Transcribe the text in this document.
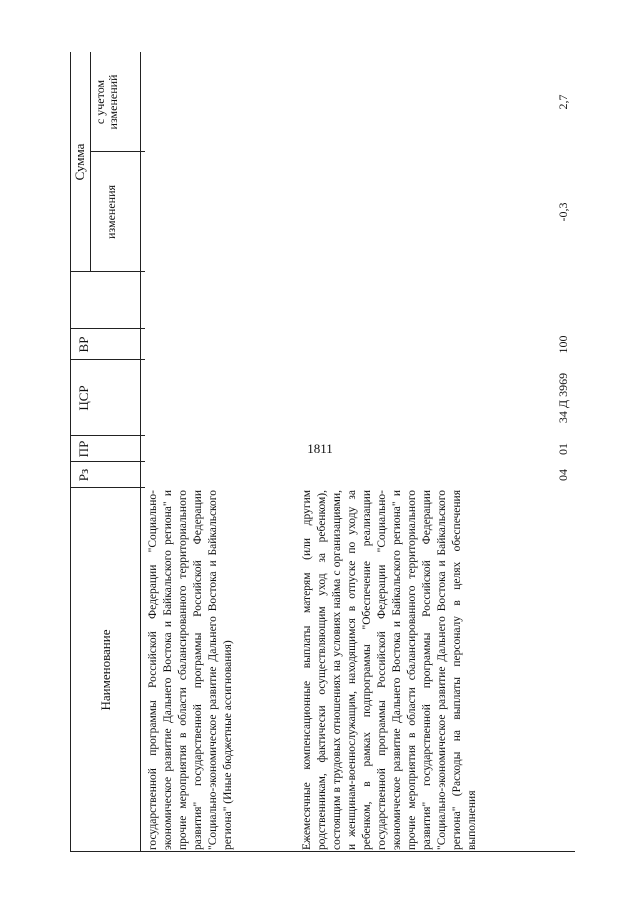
1811
Наименование
Рз
ПР
ЦСР
ВР
Сумма
изменения
с учетом изменений

государственной программы Российской Федерации "Социально-экономическое развитие Дальнего Востока и Байкальского региона" и прочие мероприятия в области сбалансированного территориального развития" государственной программы Российской Федерации "Социально-экономическое развитие Дальнего Востока и Байкальского региона" (Иные бюджетные ассигнования)	Ежемесячные компенсационные выплаты матерям (или другим родственникам, фактически осуществляющим уход за ребенком), состоящим в трудовых отношениях на условиях найма с организациями, и женщинам-военнослужащим, находящимся в отпуске по уходу за ребенком, в рамках подпрограммы "Обеспечение реализации государственной программы Российской Федерации "Социально-экономическое развитие Дальнего Востока и Байкальского региона" и прочие мероприятия в области сбалансированного территориального развития" государственной программы Российской Федерации "Социально-экономическое развитие Дальнего Востока и Байкальского региона" (Расходы на выплаты персоналу в целях обеспечения выполнения

04
01
34 Д 3969
100
-0,3
2,7
